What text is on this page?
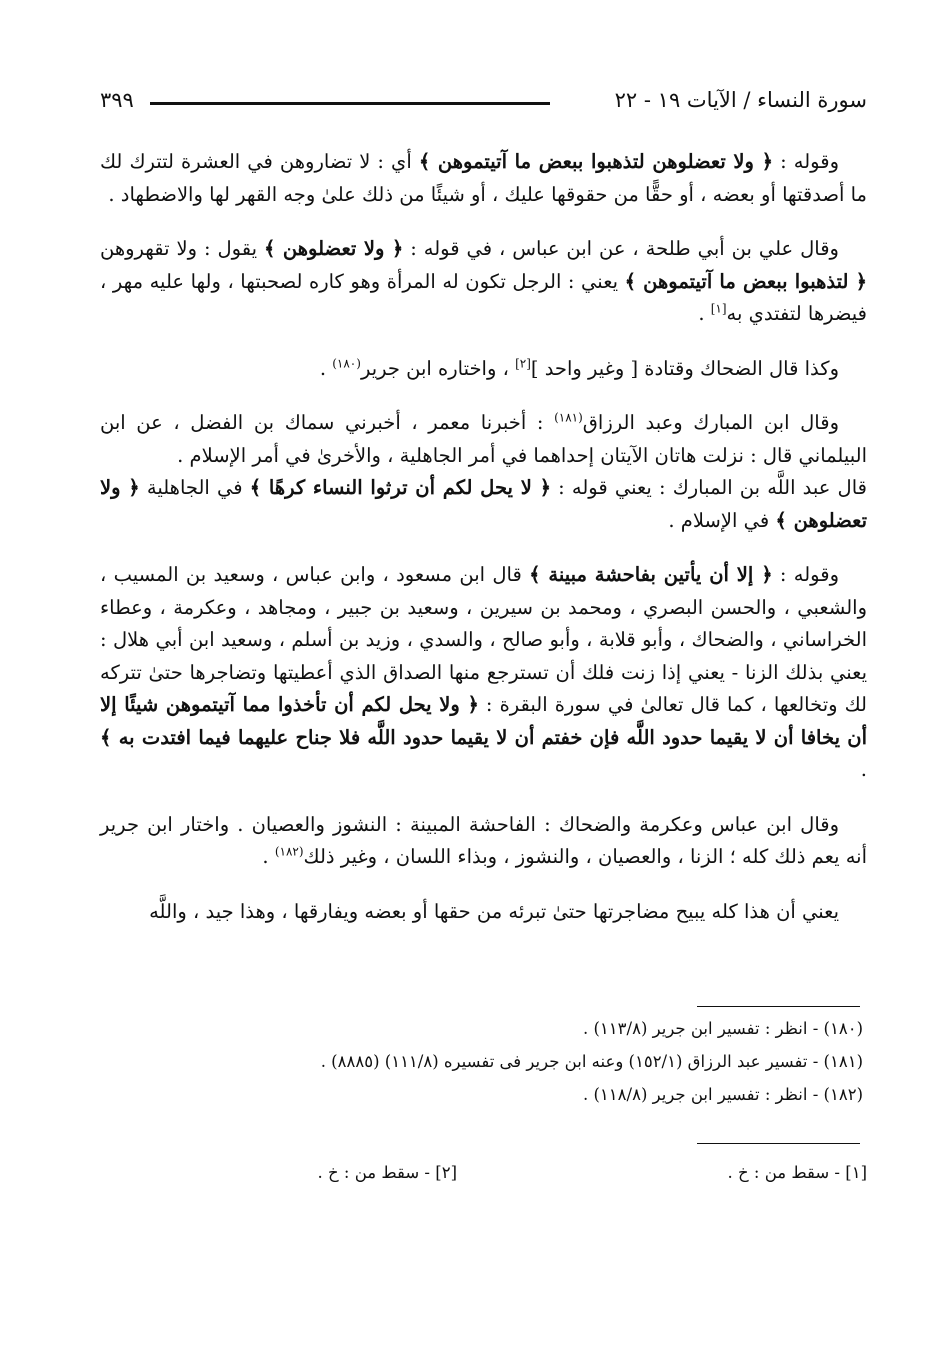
سورة النساء / الآيات ١٩ - ٢٢
٣٩٩

وقوله : ﴿ ولا تعضلوهن لتذهبوا ببعض ما آتيتموهن ﴾ أي : لا تضاروهن في العشرة لتترك لك ما أصدقتها أو بعضه ، أو حقًّا من حقوقها عليك ، أو شيئًا من ذلك علىٰ وجه القهر لها والاضطهاد .

وقال علي بن أبي طلحة ، عن ابن عباس ، في قوله : ﴿ ولا تعضلوهن ﴾ يقول : ولا تقهروهن ﴿ لتذهبوا ببعض ما آتيتموهن ﴾ يعني : الرجل تكون له المرأة وهو كاره لصحبتها ، ولها عليه مهر ، فيضرها لتفتدي به[١] .

وكذا قال الضحاك وقتادة [ وغير واحد ][٢] ، واختاره ابن جرير$^{(١٨٠)}$ .

وقال ابن المبارك وعبد الرزاق$^{(١٨١)}$ : أخبرنا معمر ، أخبرني سماك بن الفضل ، عن ابن البيلماني قال : نزلت هاتان الآيتان إحداهما في أمر الجاهلية ، والأخرىٰ في أمر الإسلام .

قال عبد اللَّه بن المبارك : يعني قوله : ﴿ لا يحل لكم أن ترثوا النساء كرهًا ﴾ في الجاهلية ﴿ ولا تعضلوهن ﴾ في الإسلام .

وقوله : ﴿ إلا أن يأتين بفاحشة مبينة ﴾ قال ابن مسعود ، وابن عباس ، وسعيد بن المسيب ، والشعبي ، والحسن البصري ، ومحمد بن سيرين ، وسعيد بن جبير ، ومجاهد ، وعكرمة ، وعطاء الخراساني ، والضحاك ، وأبو قلابة ، وأبو صالح ، والسدي ، وزيد بن أسلم ، وسعيد ابن أبي هلال : يعني بذلك الزنا - يعني إذا زنت فلك أن تسترجع منها الصداق الذي أعطيتها وتضاجرها حتىٰ تتركه لك وتخالعها ، كما قال تعالىٰ في سورة البقرة : ﴿ ولا يحل لكم أن تأخذوا مما آتيتموهن شيئًا إلا أن يخافا أن لا يقيما حدود اللَّه فإن خفتم أن لا يقيما حدود اللَّه فلا جناح عليهما فيما افتدت به ﴾ .

وقال ابن عباس وعكرمة والضحاك : الفاحشة المبينة : النشوز والعصيان . واختار ابن جرير أنه يعم ذلك كله ؛ الزنا ، والعصيان ، والنشوز ، وبذاء اللسان ، وغير ذلك$^{(١٨٢)}$ .

يعني أن هذا كله يبيح مضاجرتها حتىٰ تبرئه من حقها أو بعضه ويفارقها ، وهذا جيد ، واللَّه

(١٨٠) - انظر : تفسير ابن جرير (١١٣/٨) .
(١٨١) - تفسير عبد الرزاق (١٥٢/١) وعنه ابن جرير فى تفسيره (١١١/٨) (٨٨٨٥) .
(١٨٢) - انظر : تفسير ابن جرير (١١٨/٨) .
[١] - سقط من : خ .
[٢] - سقط من : خ .
